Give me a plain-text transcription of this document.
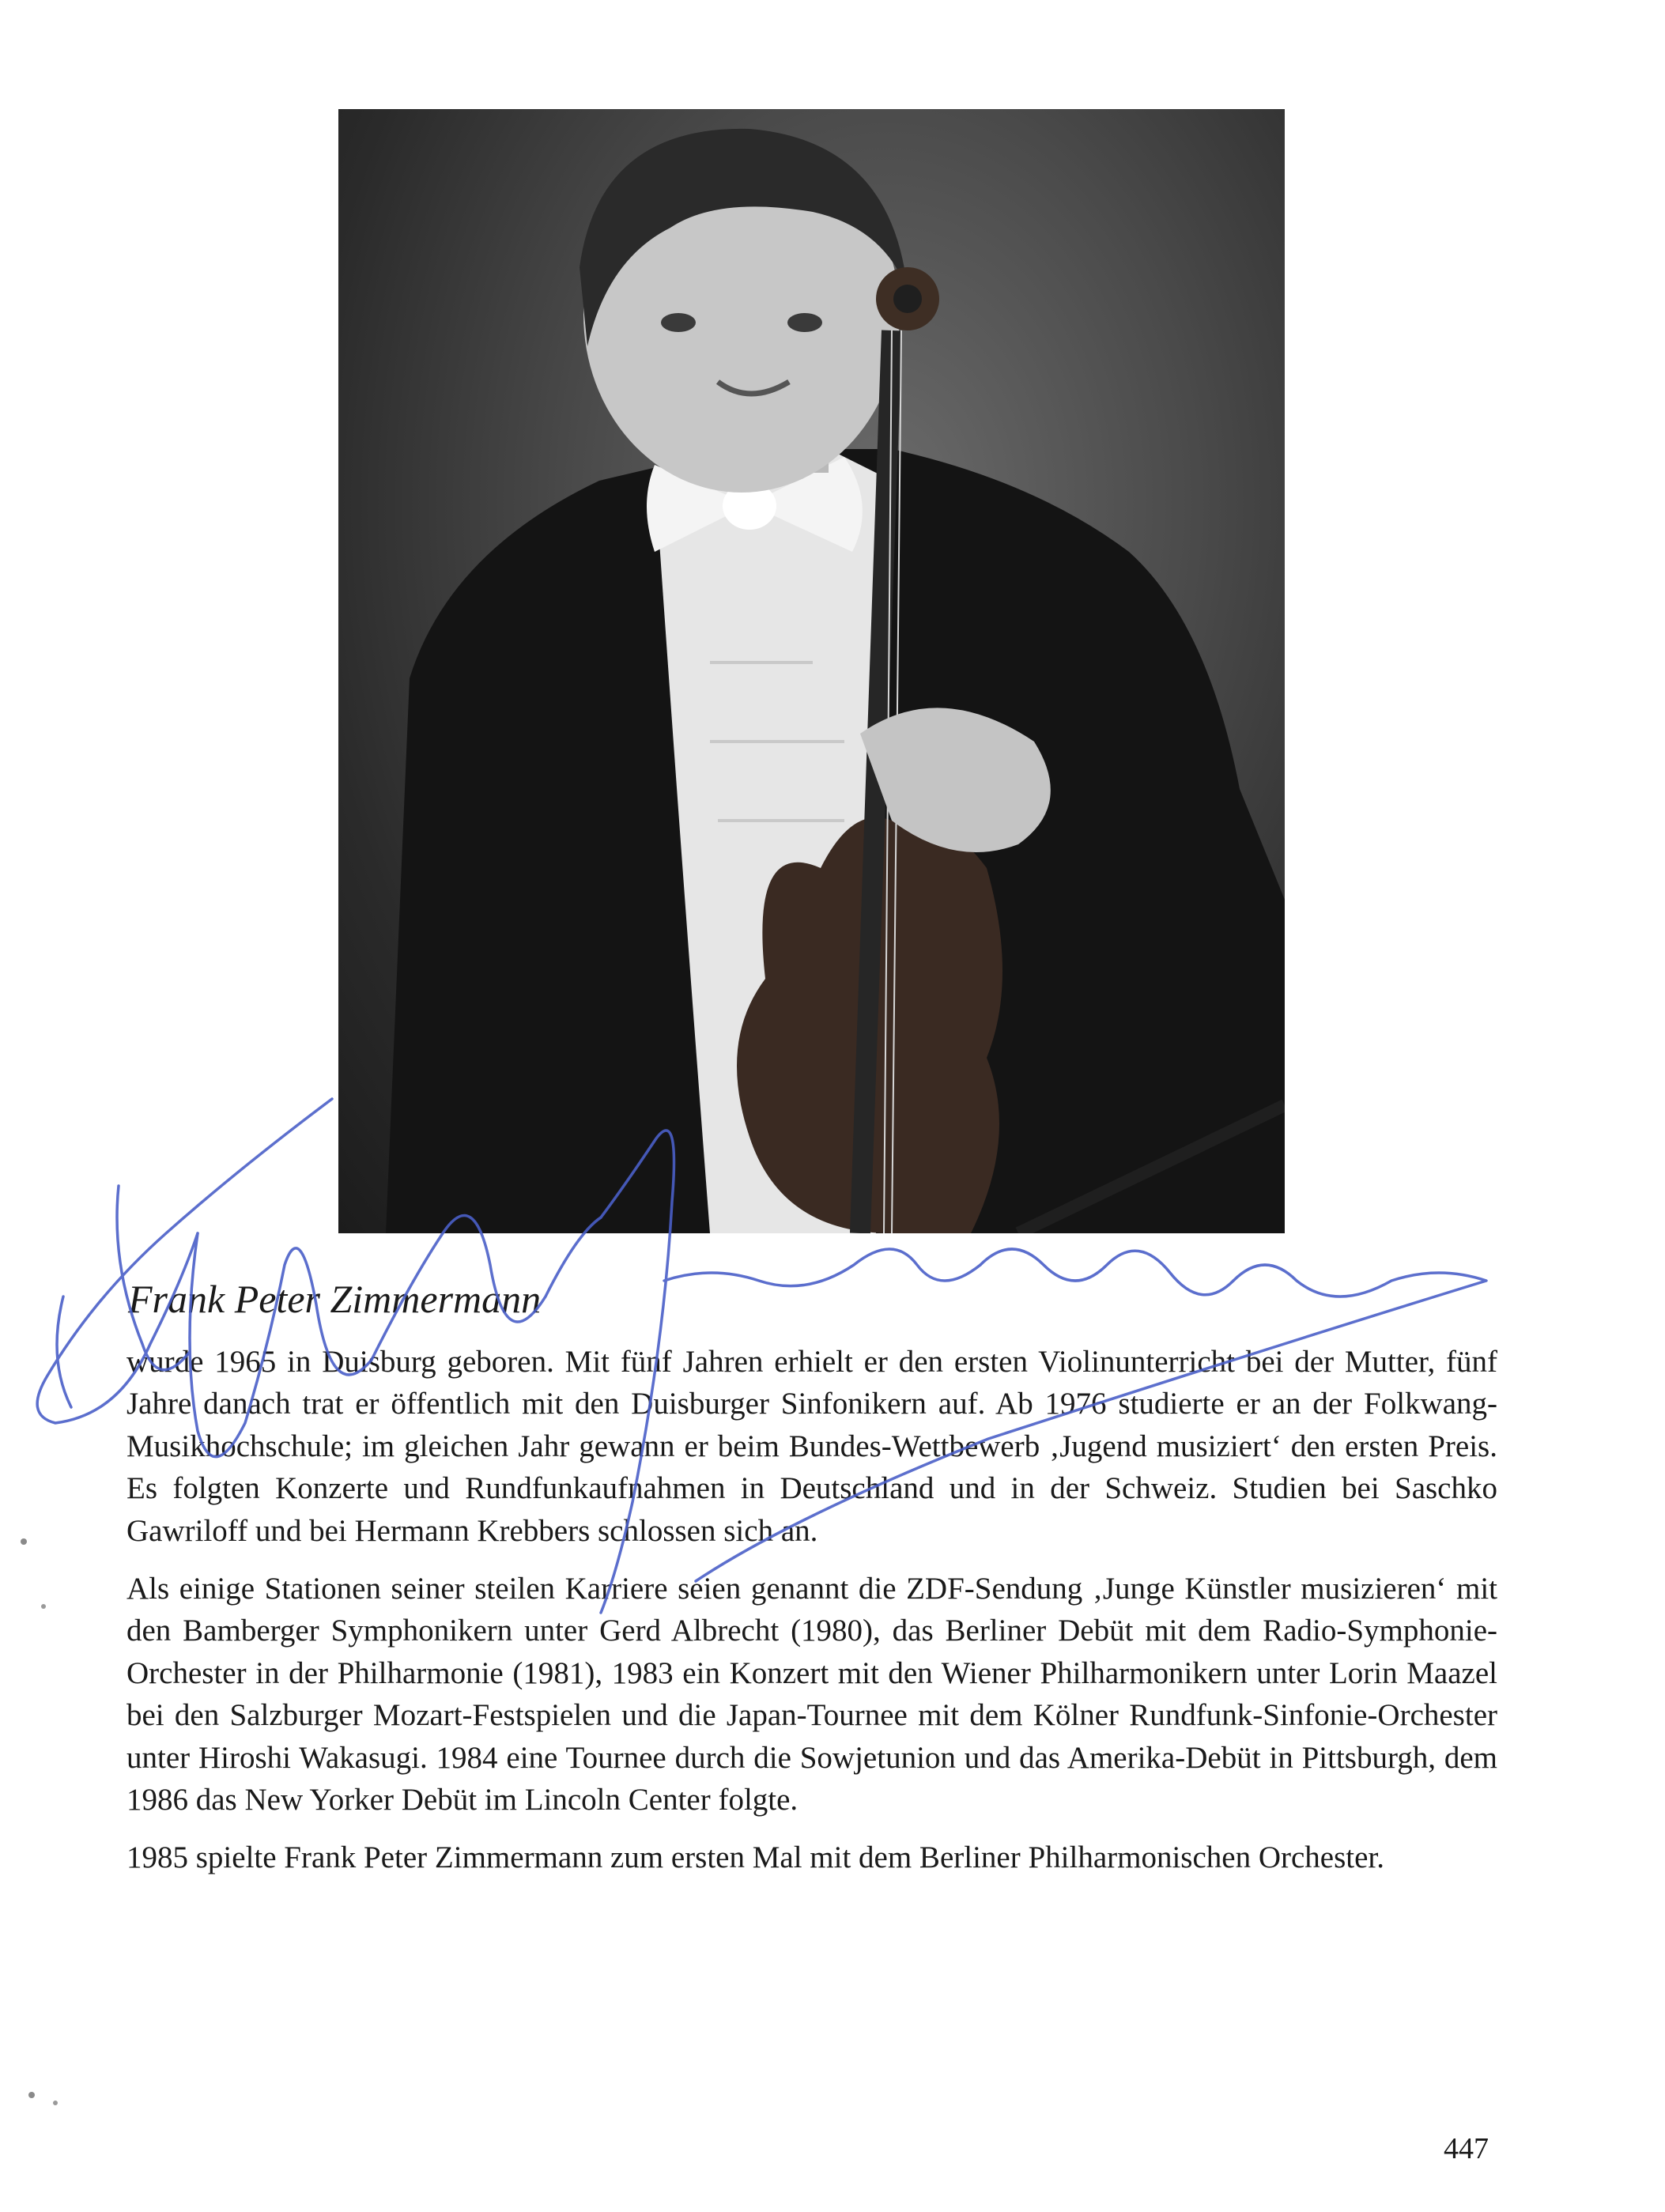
Frank Peter Zimmermann

wurde 1965 in Duisburg geboren. Mit fünf Jahren erhielt er den ersten Violinunterricht bei der Mutter, fünf Jahre danach trat er öffentlich mit den Duisburger Sinfonikern auf. Ab 1976 studierte er an der Folkwang-Musikhochschule; im gleichen Jahr gewann er beim Bundes-Wettbewerb ‚Jugend musiziert‘ den ersten Preis. Es folgten Konzerte und Rundfunkaufnahmen in Deutschland und in der Schweiz. Studien bei Saschko Gawriloff und bei Hermann Krebbers schlossen sich an.

Als einige Stationen seiner steilen Karriere seien genannt die ZDF-Sendung ‚Junge Künstler musizieren‘ mit den Bamberger Symphonikern unter Gerd Albrecht (1980), das Berliner Debüt mit dem Radio-Symphonie-Orchester in der Philharmonie (1981), 1983 ein Konzert mit den Wiener Philharmonikern unter Lorin Maazel bei den Salzburger Mozart-Festspielen und die Japan-Tournee mit dem Kölner Rundfunk-Sinfonie-Orchester unter Hiroshi Wakasugi. 1984 eine Tournee durch die Sowjetunion und das Amerika-Debüt in Pittsburgh, dem 1986 das New Yorker Debüt im Lincoln Center folgte.

1985 spielte Frank Peter Zimmermann zum ersten Mal mit dem Berliner Philharmonischen Orchester.

447
